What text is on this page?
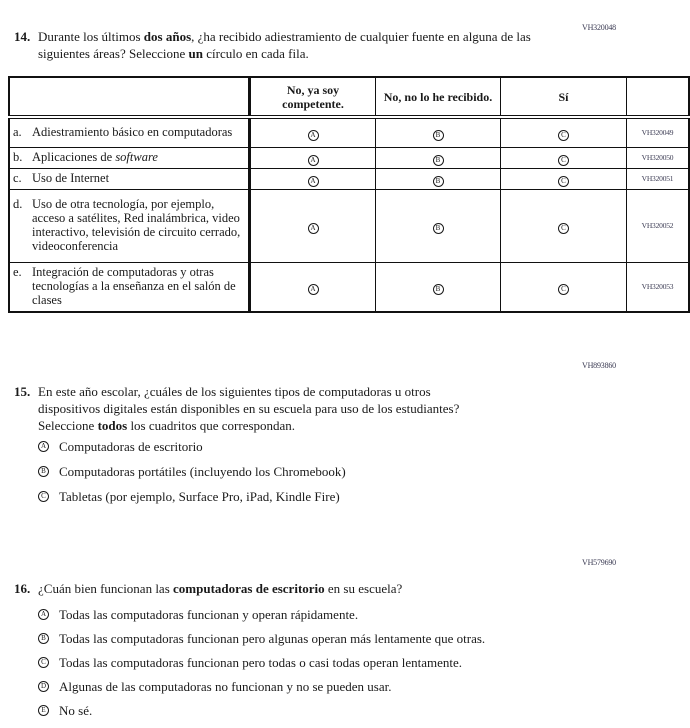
VH320048
14. Durante los últimos dos años, ¿ha recibido adiestramiento de cualquier fuente en alguna de las siguientes áreas? Seleccione un círculo en cada fila.
	No, ya soy competente.	No, no lo he recibido.	Sí	

a. Adiestramiento básico en computadoras	A	B	C	VH320049

b. Aplicaciones de software	A	B	C	VH320050

c. Uso de Internet	A	B	C	VH320051

d. Uso de otra tecnología, por ejemplo, acceso a satélites, Red inalámbrica, video interactivo, televisión de circuito cerrado, videoconferencia	A	B	C	VH320052

e. Integración de computadoras y otras tecnologías a la enseñanza en el salón de clases	A	B	C	VH320053
VH893860
15. En este año escolar, ¿cuáles de los siguientes tipos de computadoras u otros dispositivos digitales están disponibles en su escuela para uso de los estudiantes? Seleccione todos los cuadritos que correspondan.
A Computadoras de escritorio
B Computadoras portátiles (incluyendo los Chromebook)
C Tabletas (por ejemplo, Surface Pro, iPad, Kindle Fire)
VH579690
16. ¿Cuán bien funcionan las computadoras de escritorio en su escuela?
A Todas las computadoras funcionan y operan rápidamente.
B Todas las computadoras funcionan pero algunas operan más lentamente que otras.
C Todas las computadoras funcionan pero todas o casi todas operan lentamente.
D Algunas de las computadoras no funcionan y no se pueden usar.
E No sé.
